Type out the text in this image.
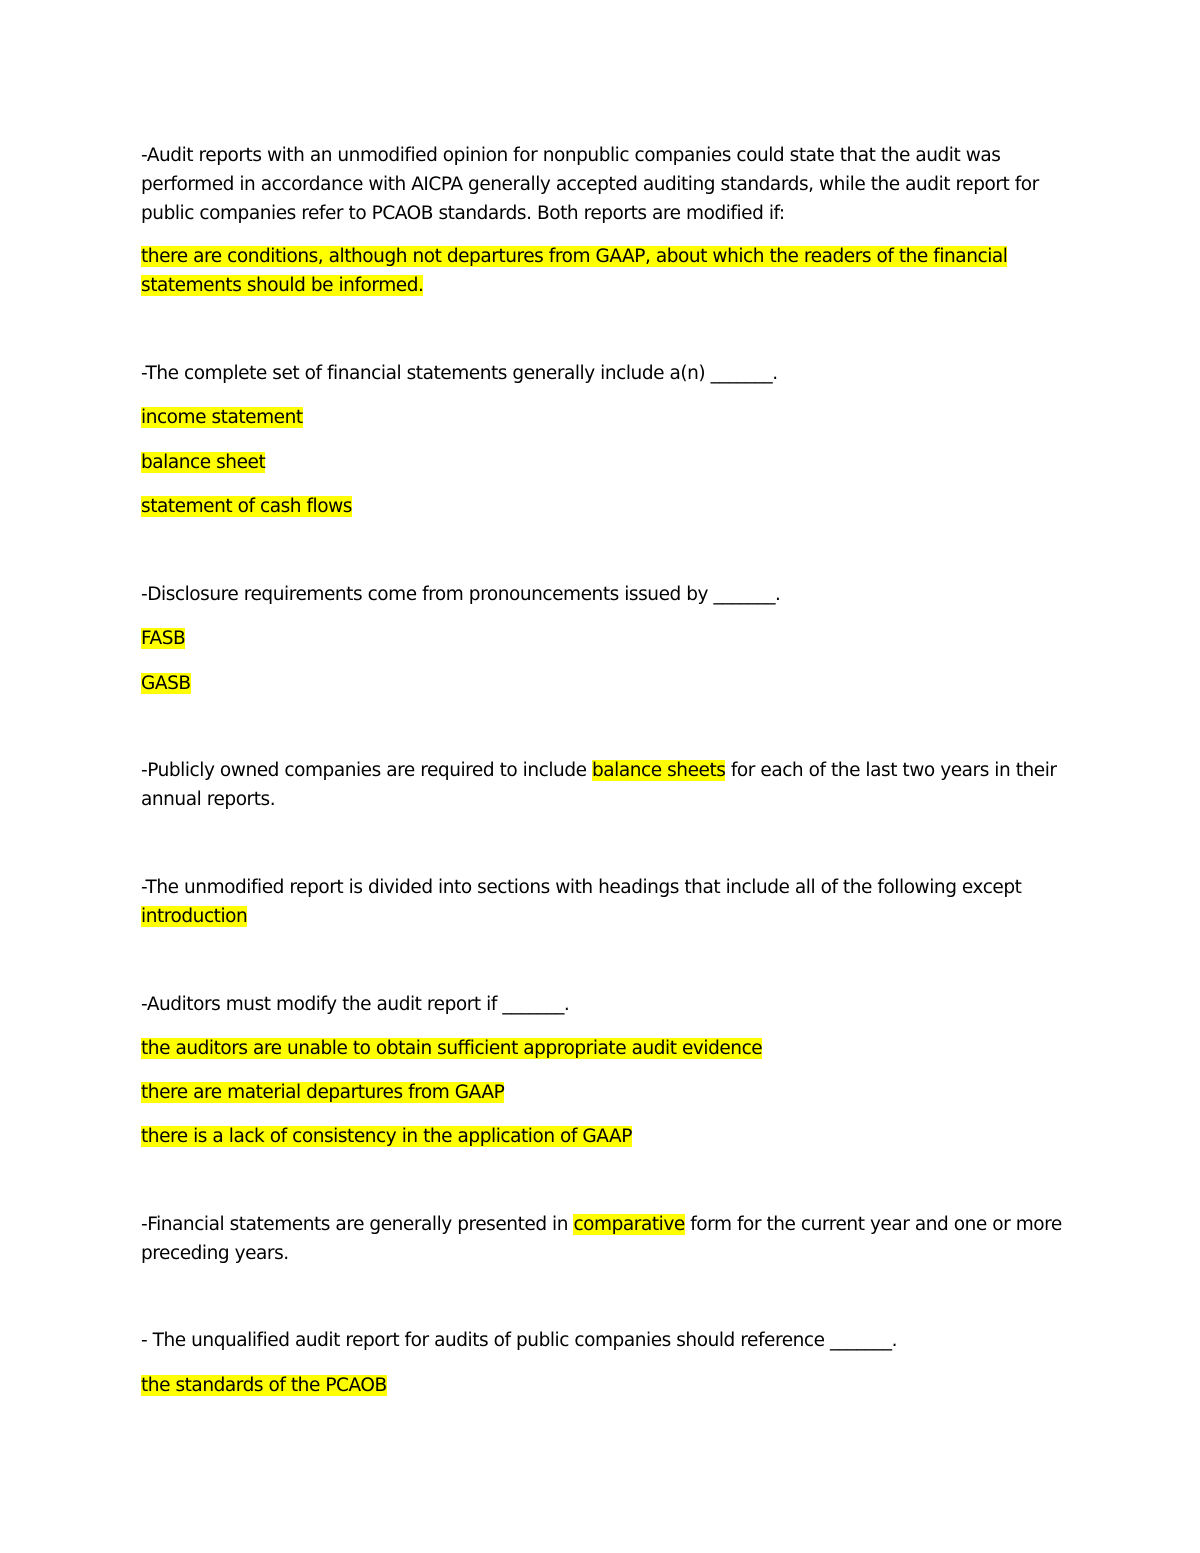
-Audit reports with an unmodified opinion for nonpublic companies could state that the audit was
performed in accordance with AICPA generally accepted auditing standards, while the audit report for
public companies refer to PCAOB standards. Both reports are modified if:

there are conditions, although not departures from GAAP, about which the readers of the financial
statements should be informed.

-The complete set of financial statements generally include a(n) _______.

income statement

balance sheet

statement of cash flows

-Disclosure requirements come from pronouncements issued by _______.

FASB

GASB

-Publicly owned companies are required to include balance sheets for each of the last two years in their
annual reports.

-The unmodified report is divided into sections with headings that include all of the following except
introduction

-Auditors must modify the audit report if _______.

the auditors are unable to obtain sufficient appropriate audit evidence

there are material departures from GAAP

there is a lack of consistency in the application of GAAP

-Financial statements are generally presented in comparative form for the current year and one or more
preceding years.

- The unqualified audit report for audits of public companies should reference _______.

the standards of the PCAOB
